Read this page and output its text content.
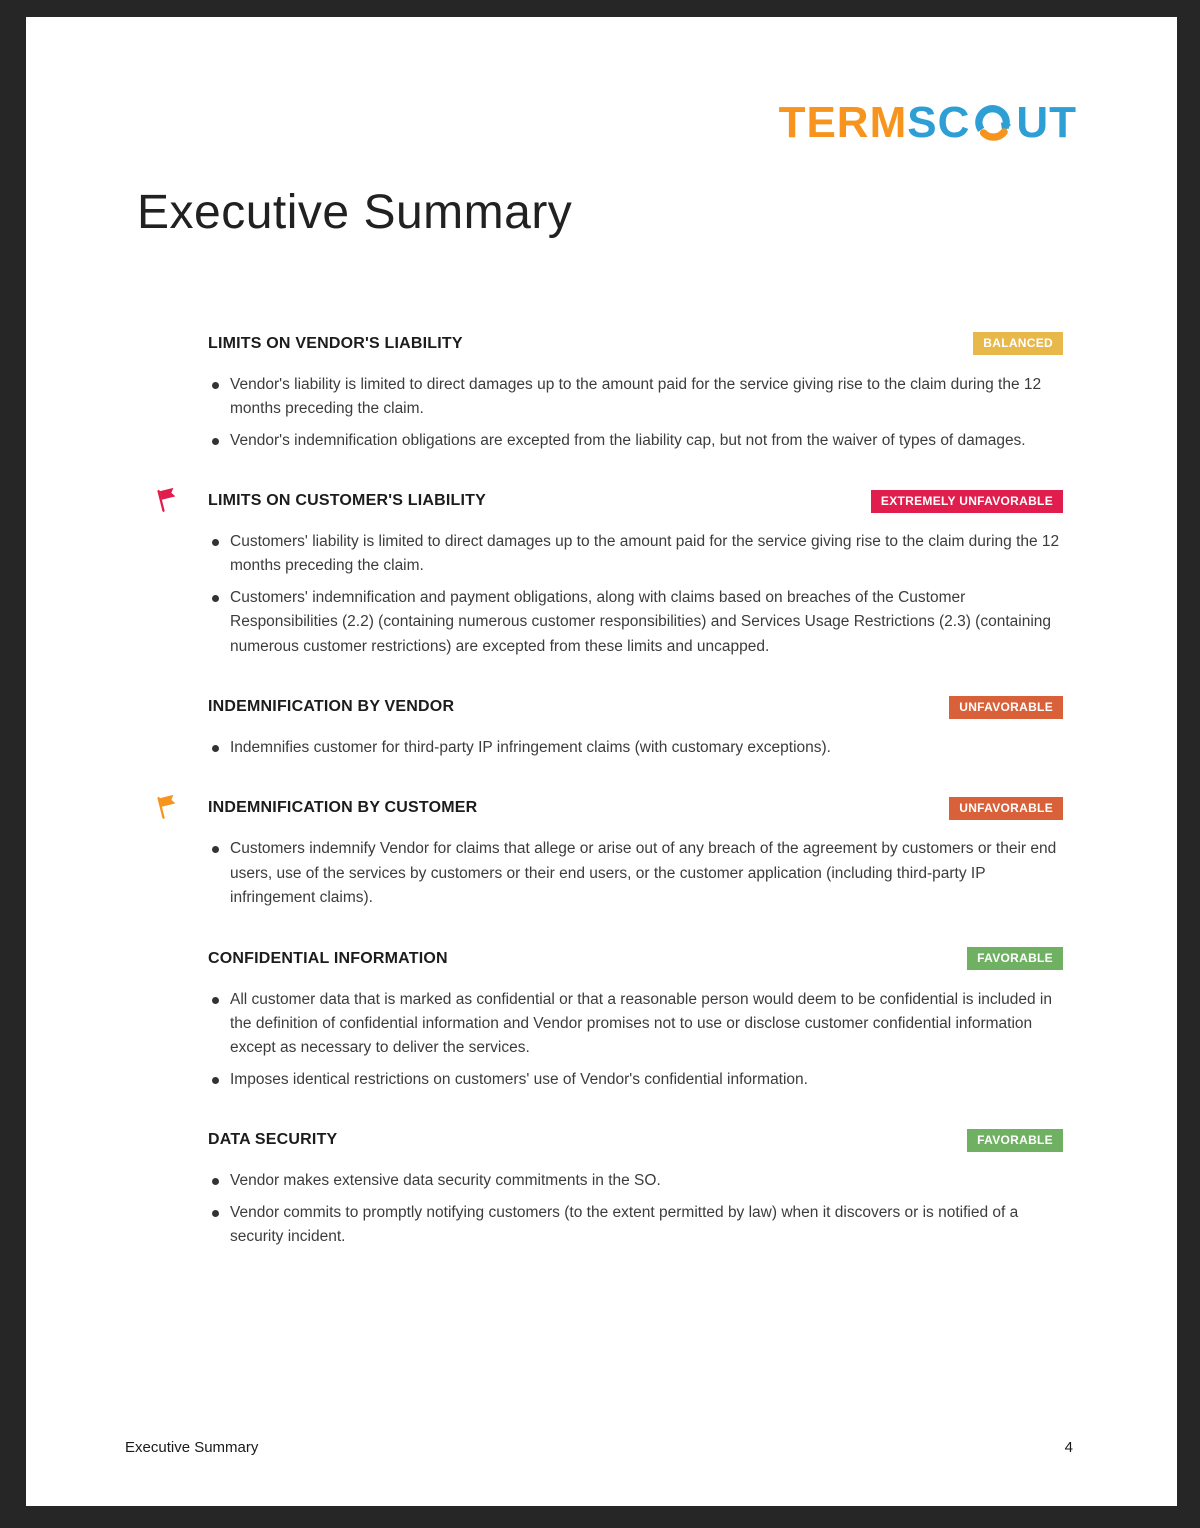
TERM SC UT
Executive Summary
LIMITS ON VENDOR'S LIABILITY	BALANCED
Vendor's liability is limited to direct damages up to the amount paid for the service giving rise to the claim during the 12 months preceding the claim.
Vendor's indemnification obligations are excepted from the liability cap, but not from the waiver of types of damages.
LIMITS ON CUSTOMER'S LIABILITY	EXTREMELY UNFAVORABLE
Customers' liability is limited to direct damages up to the amount paid for the service giving rise to the claim during the 12 months preceding the claim.
Customers' indemnification and payment obligations, along with claims based on breaches of the Customer Responsibilities (2.2) (containing numerous customer responsibilities) and Services Usage Restrictions (2.3) (containing numerous customer restrictions) are excepted from these limits and uncapped.
INDEMNIFICATION BY VENDOR	UNFAVORABLE
Indemnifies customer for third-party IP infringement claims (with customary exceptions).
INDEMNIFICATION BY CUSTOMER	UNFAVORABLE
Customers indemnify Vendor for claims that allege or arise out of any breach of the agreement by customers or their end users, use of the services by customers or their end users, or the customer application (including third-party IP infringement claims).
CONFIDENTIAL INFORMATION	FAVORABLE
All customer data that is marked as confidential or that a reasonable person would deem to be confidential is included in the definition of confidential information and Vendor promises not to use or disclose customer confidential information except as necessary to deliver the services.
Imposes identical restrictions on customers' use of Vendor's confidential information.
DATA SECURITY	FAVORABLE
Vendor makes extensive data security commitments in the SO.
Vendor commits to promptly notifying customers (to the extent permitted by law) when it discovers or is notified of a security incident.
Executive Summary	4
